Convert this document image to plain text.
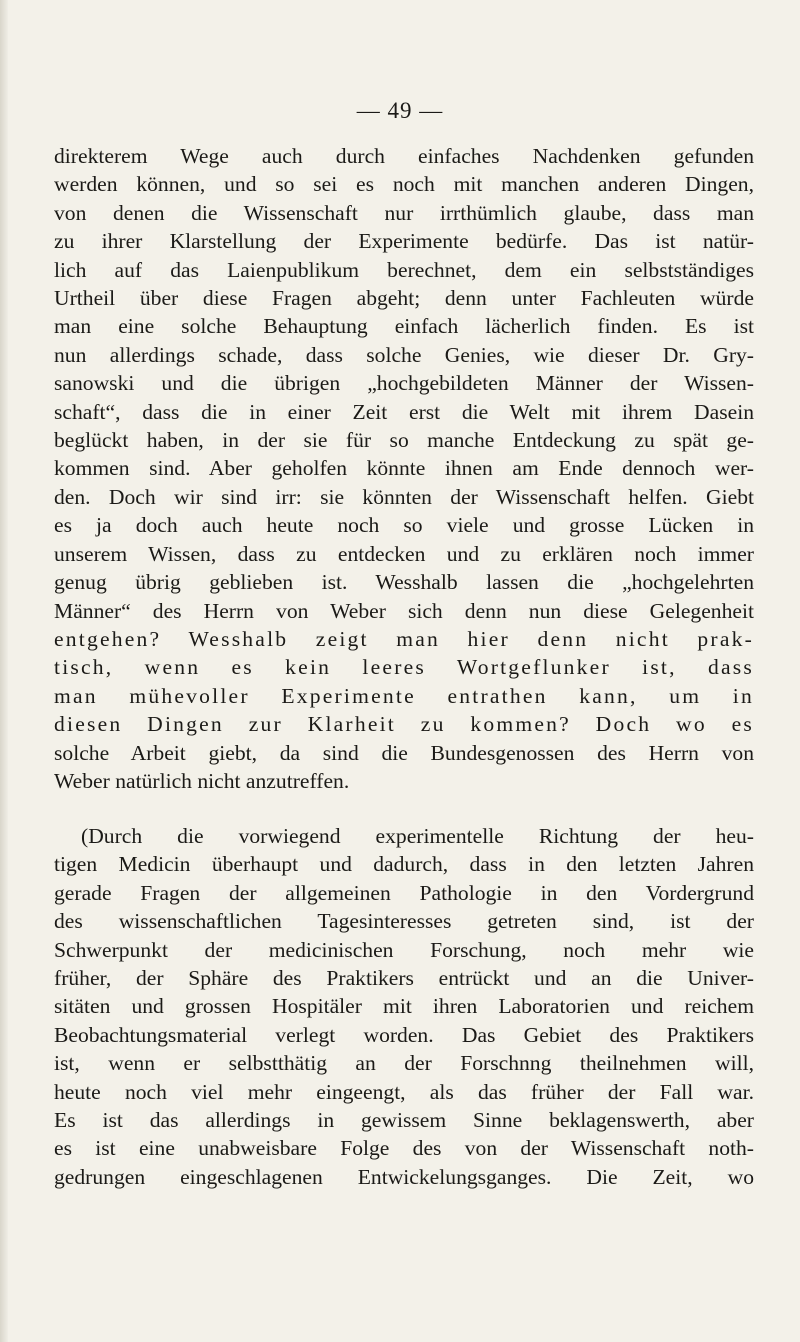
— 49 —
direkterem Wege auch durch einfaches Nachdenken gefunden
werden können, und so sei es noch mit manchen anderen Dingen,
von denen die Wissenschaft nur irrthümlich glaube, dass man
zu ihrer Klarstellung der Experimente bedürfe. Das ist natür-
lich auf das Laienpublikum berechnet, dem ein selbstständiges
Urtheil über diese Fragen abgeht; denn unter Fachleuten würde
man eine solche Behauptung einfach lächerlich finden. Es ist
nun allerdings schade, dass solche Genies, wie dieser Dr. Gry-
sanowski und die übrigen „hochgebildeten Männer der Wissen-
schaft“, dass die in einer Zeit erst die Welt mit ihrem Dasein
beglückt haben, in der sie für so manche Entdeckung zu spät ge-
kommen sind. Aber geholfen könnte ihnen am Ende dennoch wer-
den. Doch wir sind irr: sie könnten der Wissenschaft helfen. Giebt
es ja doch auch heute noch so viele und grosse Lücken in
unserem Wissen, dass zu entdecken und zu erklären noch immer
genug übrig geblieben ist. Wesshalb lassen die „hochgelehrten
Männer“ des Herrn von Weber sich denn nun diese Gelegenheit
entgehen? Wesshalb zeigt man hier denn nicht prak-
tisch, wenn es kein leeres Wortgeflunker ist, dass
man mühevoller Experimente entrathen kann, um in
diesen Dingen zur Klarheit zu kommen? Doch wo es
solche Arbeit giebt, da sind die Bundesgenossen des Herrn von
Weber natürlich nicht anzutreffen.
(Durch die vorwiegend experimentelle Richtung der heu-
tigen Medicin überhaupt und dadurch, dass in den letzten Jahren
gerade Fragen der allgemeinen Pathologie in den Vordergrund
des wissenschaftlichen Tagesinteresses getreten sind, ist der
Schwerpunkt der medicinischen Forschung, noch mehr wie
früher, der Sphäre des Praktikers entrückt und an die Univer-
sitäten und grossen Hospitäler mit ihren Laboratorien und reichem
Beobachtungsmaterial verlegt worden. Das Gebiet des Praktikers
ist, wenn er selbstthätig an der Forschnng theilnehmen will,
heute noch viel mehr eingeengt, als das früher der Fall war.
Es ist das allerdings in gewissem Sinne beklagenswerth, aber
es ist eine unabweisbare Folge des von der Wissenschaft noth-
gedrungen eingeschlagenen Entwickelungsganges. Die Zeit, wo
